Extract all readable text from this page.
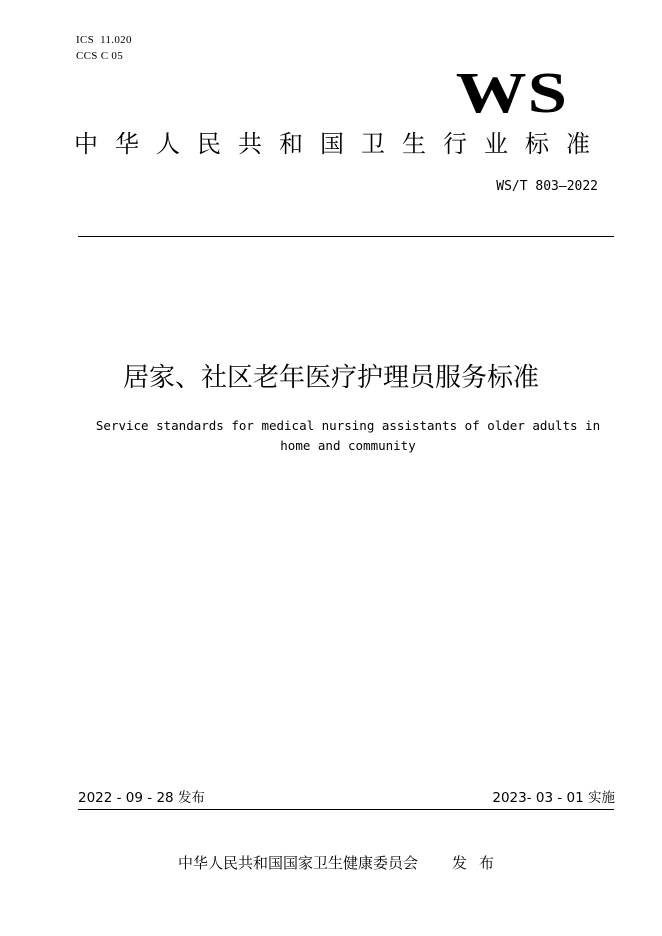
ICS  11.020
CCS C 05
WS
中华人民共和国卫生行业标准
WS/T 803—2022
居家、社区老年医疗护理员服务标准
Service standards for medical nursing assistants of older adults in
home and community
2022 - 09 - 28 发布	2023- 03 - 01 实施
中华人民共和国国家卫生健康委员会 发布
